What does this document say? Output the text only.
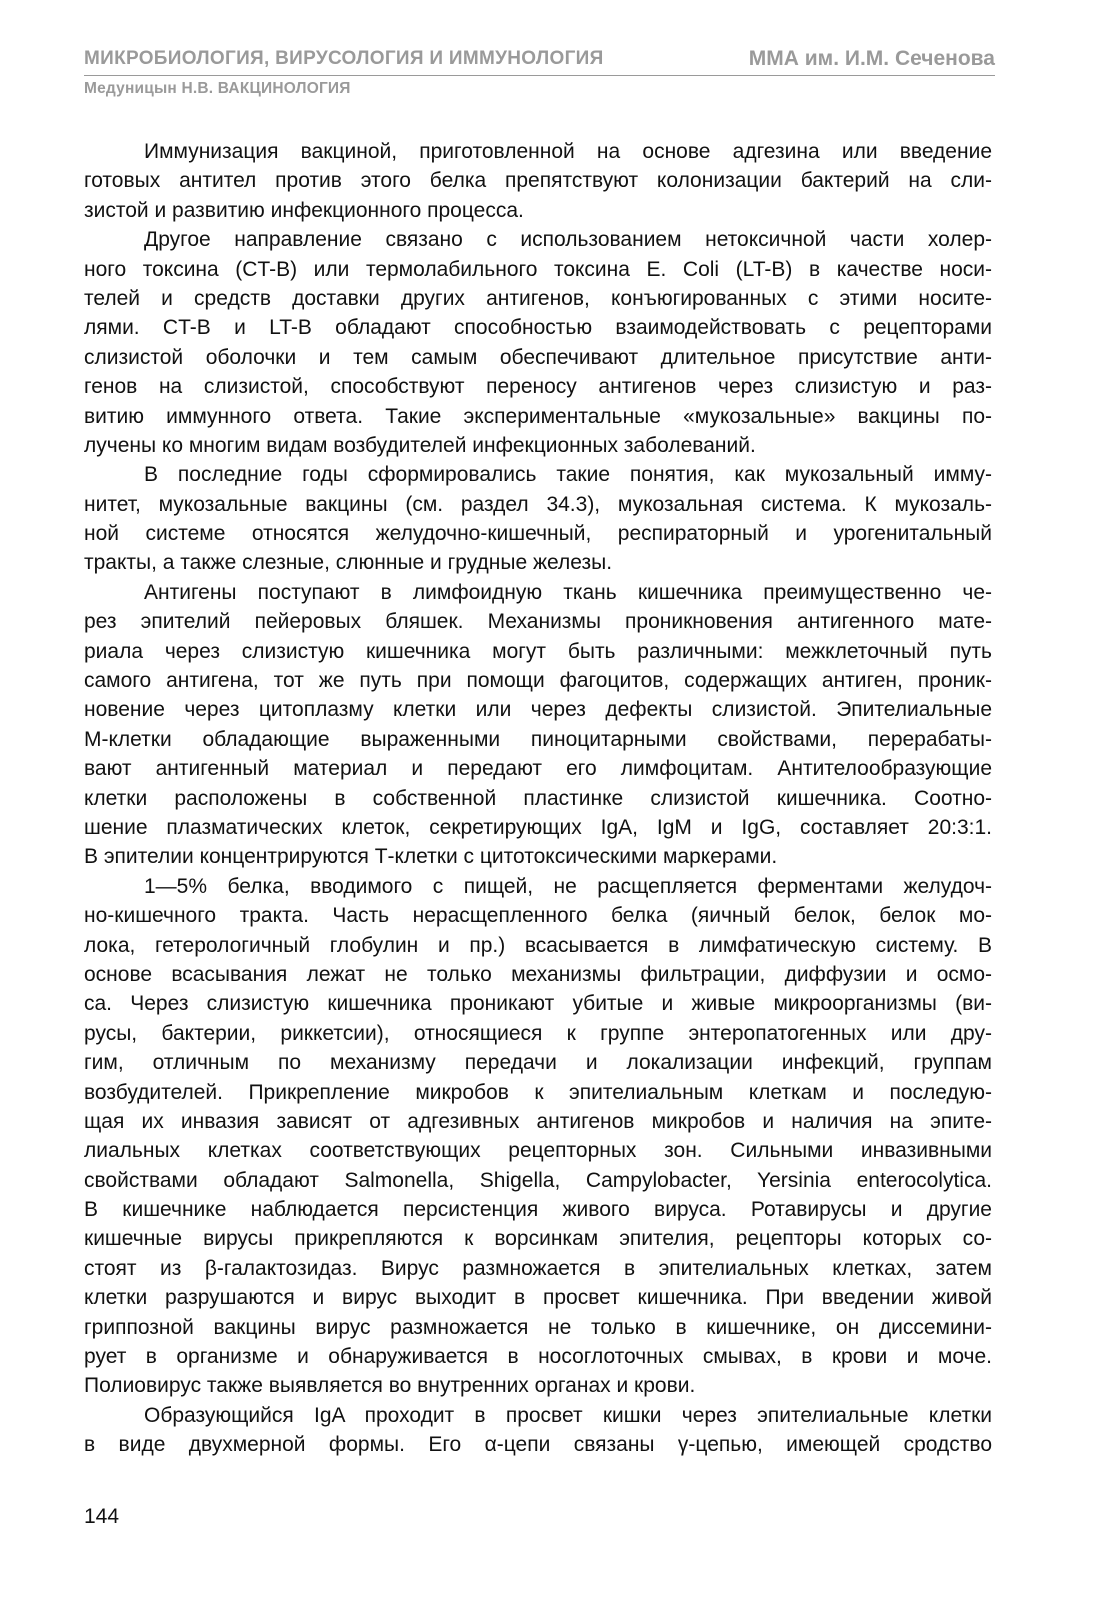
МИКРОБИОЛОГИЯ, ВИРУСОЛОГИЯ И ИММУНОЛОГИЯ	ММА им. И.М. Сеченова
Медуницын Н.В. ВАКЦИНОЛОГИЯ
Иммунизация вакциной, приготовленной на основе адгезина или введение
готовых антител против этого белка препятствуют колонизации бактерий на сли-
зистой и развитию инфекционного процесса.
Другое направление связано с использованием нетоксичной части холер-
ного токсина (CT-B) или термолабильного токсина E. Coli (LT-B) в качестве носи-
телей и средств доставки других антигенов, конъюгированных с этими носите-
лями. CT-B и LT-B обладают способностью взаимодействовать с рецепторами
слизистой оболочки и тем самым обеспечивают длительное присутствие анти-
генов на слизистой, способствуют переносу антигенов через слизистую и раз-
витию иммунного ответа. Такие экспериментальные «мукозальные» вакцины по-
лучены ко многим видам возбудителей инфекционных заболеваний.
В последние годы сформировались такие понятия, как мукозальный имму-
нитет, мукозальные вакцины (см. раздел 34.3), мукозальная система. К мукозаль-
ной системе относятся желудочно-кишечный, респираторный и урогенитальный
тракты, а также слезные, слюнные и грудные железы.
Антигены поступают в лимфоидную ткань кишечника преимущественно че-
рез эпителий пейеровых бляшек. Механизмы проникновения антигенного мате-
риала через слизистую кишечника могут быть различными: межклеточный путь
самого антигена, тот же путь при помощи фагоцитов, содержащих антиген, проник-
новение через цитоплазму клетки или через дефекты слизистой. Эпителиальные
М-клетки обладающие выраженными пиноцитарными свойствами, перерабаты-
вают антигенный материал и передают его лимфоцитам. Антителообразующие
клетки расположены в собственной пластинке слизистой кишечника. Соотно-
шение плазматических клеток, секретирующих IgA, IgM и IgG, составляет 20:3:1.
В эпителии концентрируются Т-клетки с цитотоксическими маркерами.
1—5% белка, вводимого с пищей, не расщепляется ферментами желудоч-
но-кишечного тракта. Часть нерасщепленного белка (яичный белок, белок мо-
лока, гетерологичный глобулин и пр.) всасывается в лимфатическую систему. В
основе всасывания лежат не только механизмы фильтрации, диффузии и осмо-
са. Через слизистую кишечника проникают убитые и живые микроорганизмы (ви-
русы, бактерии, риккетсии), относящиеся к группе энтеропатогенных или дру-
гим, отличным по механизму передачи и локализации инфекций, группам
возбудителей. Прикрепление микробов к эпителиальным клеткам и последую-
щая их инвазия зависят от адгезивных антигенов микробов и наличия на эпите-
лиальных клетках соответствующих рецепторных зон. Сильными инвазивными
свойствами обладают Salmonella, Shigella, Campylobacter, Yersinia enterocolytica.
В кишечнике наблюдается персистенция живого вируса. Ротавирусы и другие
кишечные вирусы прикрепляются к ворсинкам эпителия, рецепторы которых со-
стоят из β-галактозидаз. Вирус размножается в эпителиальных клетках, затем
клетки разрушаются и вирус выходит в просвет кишечника. При введении живой
гриппозной вакцины вирус размножается не только в кишечнике, он диссемини-
рует в организме и обнаруживается в носоглоточных смывах, в крови и моче.
Полиовирус также выявляется во внутренних органах и крови.
Образующийся IgA проходит в просвет кишки через эпителиальные клетки
в виде двухмерной формы. Его α-цепи связаны γ-цепью, имеющей сродство
144
